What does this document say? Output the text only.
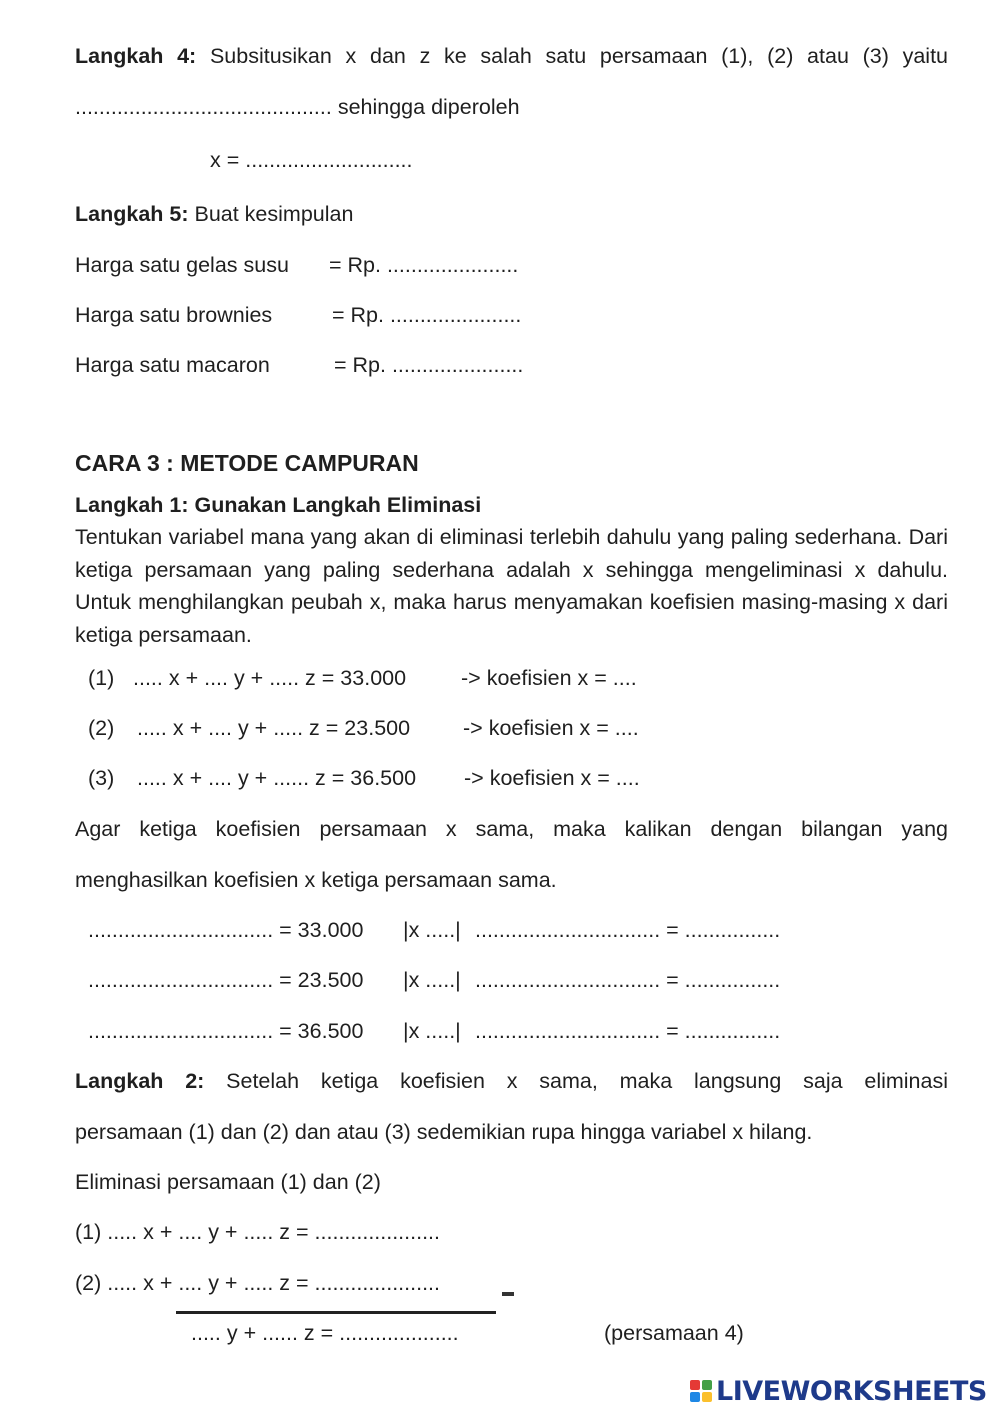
Langkah 4: Subsitusikan x dan z ke salah satu persamaan (1), (2) atau (3) yaitu
........................................... sehingga diperoleh
x = ............................
Langkah 5: Buat kesimpulan
Harga satu gelas susu = Rp. ......................
Harga satu brownies	= Rp. ......................
Harga satu macaron	= Rp. ......................
CARA 3 : METODE CAMPURAN
Langkah 1: Gunakan Langkah Eliminasi
Tentukan variabel mana yang akan di eliminasi terlebih dahulu yang paling sederhana. Dari ketiga persamaan yang paling sederhana adalah x sehingga mengeliminasi x dahulu. Untuk menghilangkan peubah x, maka harus menyamakan koefisien masing-masing x dari ketiga persamaan.
(1) ..... x + .... y + ..... z = 33.000	-> koefisien x = ....
(2) ..... x + .... y + ..... z = 23.500 -> koefisien x = ....
(3) ..... x + .... y + ...... z = 36.500 -> koefisien x = ....
Agar ketiga koefisien persamaan x sama, maka kalikan dengan bilangan yang
menghasilkan koefisien x ketiga persamaan sama.
............................... = 33.000 |x .....| ............................... = ................
............................... = 23.500 |x .....| ............................... = ................
............................... = 36.500 |x .....| ............................... = ................
Langkah 2: Setelah ketiga koefisien x sama, maka langsung saja eliminasi
persamaan (1) dan (2) dan atau (3) sedemikian rupa hingga variabel x hilang.
Eliminasi persamaan (1) dan (2)
(1) ..... x + .... y + ..... z = .....................
(2) ..... x + .... y + ..... z = .....................
..... y + ...... z = ....................	(persamaan 4)
LIVEWORKSHEETS
